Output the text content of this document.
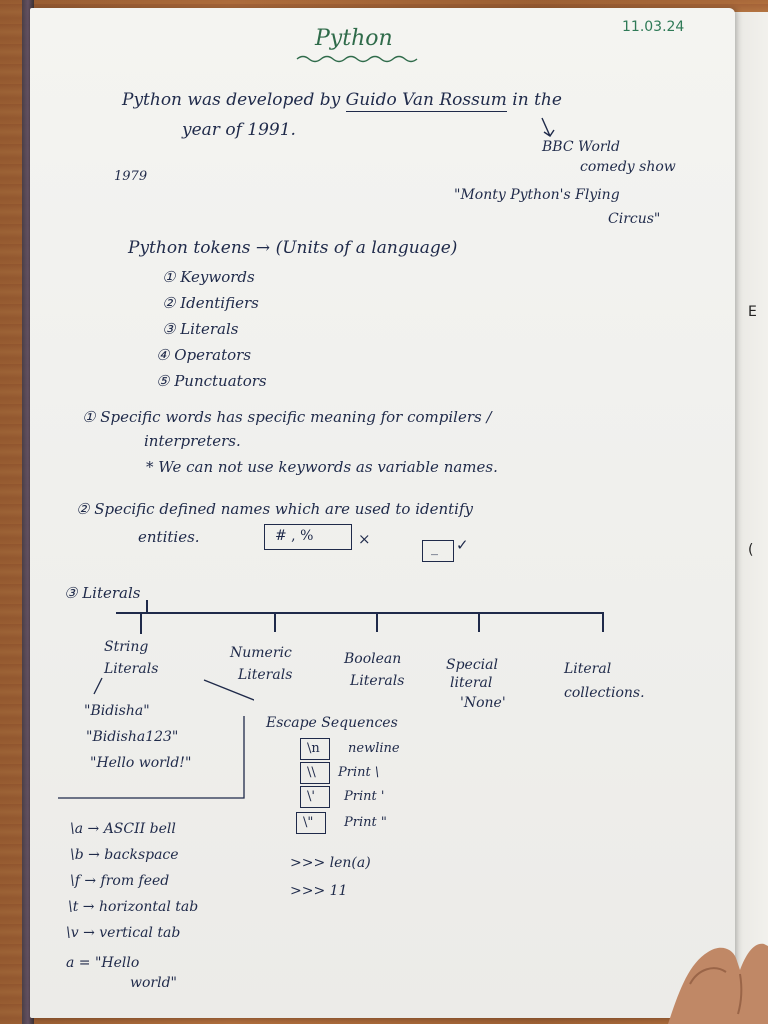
E
(
11.03.24
Python
Python was developed by Guido Van Rossum in the
year of 1991.
BBC World
comedy show
1979
"Monty Python's Flying
Circus"
Python tokens → (Units of a language)
① Keywords
② Identifiers
③ Literals
④ Operators
⑤ Punctuators
① Specific words has specific meaning for compilers /
interpreters.
* We can not use keywords as variable names.
② Specific defined names which are used to identify
entities.	# , %	×	_ ✓
③ Literals
String
Literals
Numeric
Literals
Boolean
Literals
Special
literal
'None'
Literal
collections.
"Bidisha"
"Bidisha123"
"Hello world!"
Escape Sequences
\n newline
\\ Print \
\' Print '
\" Print "
\a → ASCII bell
\b → backspace
\f → from feed
\t → horizontal tab
\v → vertical tab
>>> len(a)
>>> 11
a = "Hello
world"
